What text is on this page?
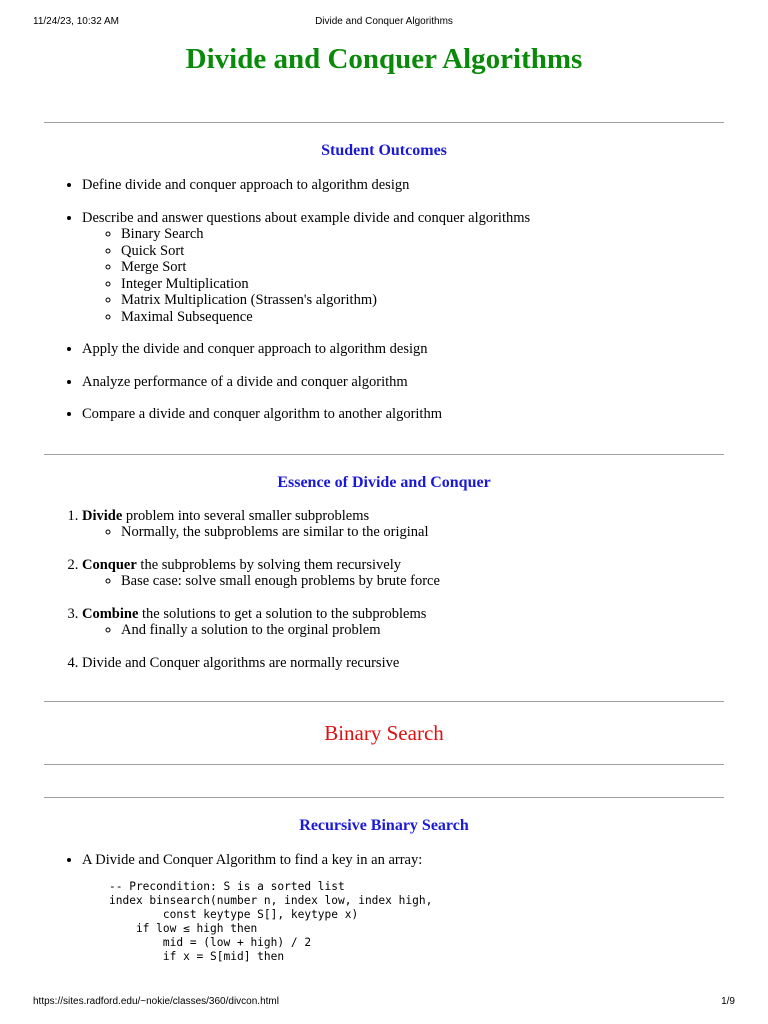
11/24/23, 10:32 AM	Divide and Conquer Algorithms
Divide and Conquer Algorithms
Student Outcomes
• Define divide and conquer approach to algorithm design
• Describe and answer questions about example divide and conquer algorithms
◦ Binary Search
◦ Quick Sort
◦ Merge Sort
◦ Integer Multiplication
◦ Matrix Multiplication (Strassen's algorithm)
◦ Maximal Subsequence
• Apply the divide and conquer approach to algorithm design
• Analyze performance of a divide and conquer algorithm
• Compare a divide and conquer algorithm to another algorithm
Essence of Divide and Conquer
1. Divide problem into several smaller subproblems
◦ Normally, the subproblems are similar to the original
2. Conquer the subproblems by solving them recursively
◦ Base case: solve small enough problems by brute force
3. Combine the solutions to get a solution to the subproblems
◦ And finally a solution to the orginal problem
4. Divide and Conquer algorithms are normally recursive
Binary Search
Recursive Binary Search
• A Divide and Conquer Algorithm to find a key in an array:
-- Precondition: S is a sorted list
index binsearch(number n, index low, index high,
const keytype S[], keytype x)
if low ≤ high then
mid = (low + high) / 2
if x = S[mid] then
https://sites.radford.edu/~nokie/classes/360/divcon.html	1/9
